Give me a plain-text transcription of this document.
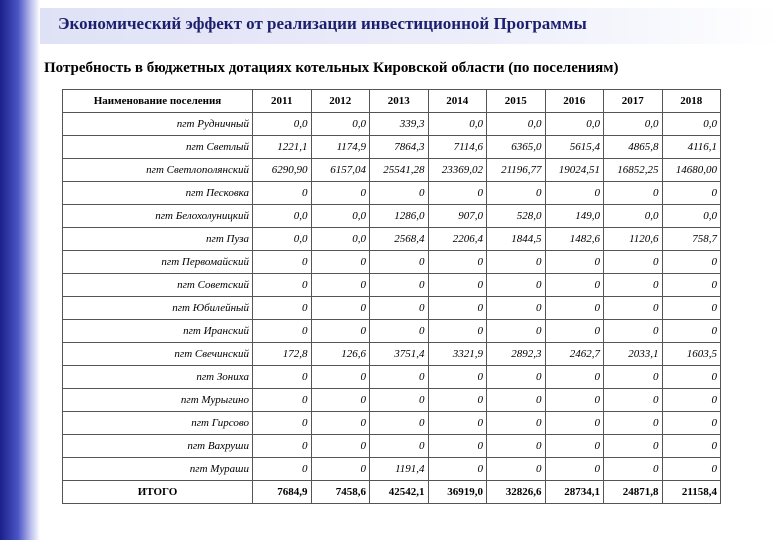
Экономический эффект от реализации инвестиционной Программы
Потребность в бюджетных дотациях котельных Кировской области (по поселениям)
Наименование поселения	2011	2012	2013	2014	2015	2016	2017	2018
пгт Рудничный	0,0	0,0	339,3	0,0	0,0	0,0	0,0	0,0
пгт Светлый	1221,1	1174,9	7864,3	7114,6	6365,0	5615,4	4865,8	4116,1
пгт Светлополянский	6290,90	6157,04	25541,28	23369,02	21196,77	19024,51	16852,25	14680,00
пгт Песковка	0	0	0	0	0	0	0	0
пгт Белохолуницкий	0,0	0,0	1286,0	907,0	528,0	149,0	0,0	0,0
пгт Пуза	0,0	0,0	2568,4	2206,4	1844,5	1482,6	1120,6	758,7
пгт Первомайский	0	0	0	0	0	0	0	0
пгт Советский	0	0	0	0	0	0	0	0
пгт Юбилейный	0	0	0	0	0	0	0	0
пгт Иранский	0	0	0	0	0	0	0	0
пгт Свечинский	172,8	126,6	3751,4	3321,9	2892,3	2462,7	2033,1	1603,5
пгт Зониха	0	0	0	0	0	0	0	0
пгт Мурыгино	0	0	0	0	0	0	0	0
пгт Гирсово	0	0	0	0	0	0	0	0
пгт Вахруши	0	0	0	0	0	0	0	0
пгт Мураши	0	0	1191,4	0	0	0	0	0
ИТОГО	7684,9	7458,6	42542,1	36919,0	32826,6	28734,1	24871,8	21158,4
